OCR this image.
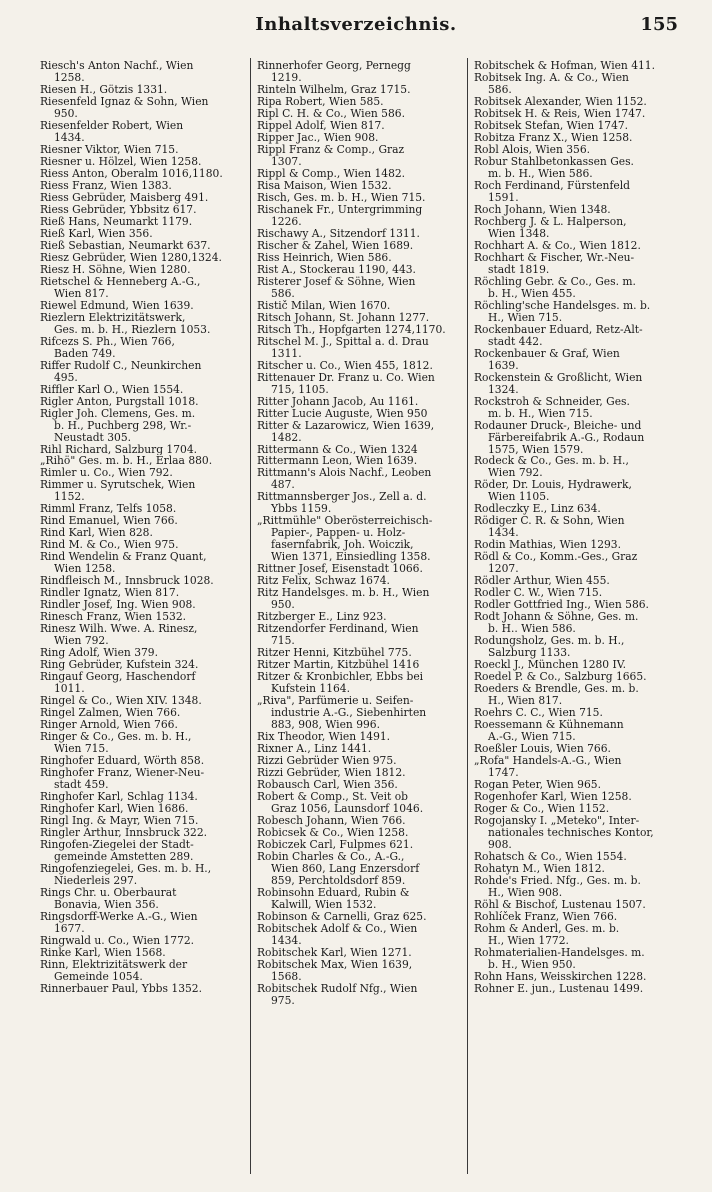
Inhaltsverzeichnis.	155
Riesch's Anton Nachf., Wien
1258.
Riesen H., Götzis 1331.
Riesenfeld Ignaz & Sohn, Wien
950.
Riesenfelder Robert, Wien
1434.
Riesner Viktor, Wien 715.
Riesner u. Hölzel, Wien 1258.
Riess Anton, Oberalm 1016,1180.
Riess Franz, Wien 1383.
Riess Gebrüder, Maisberg 491.
Riess Gebrüder, Ybbsitz 617.
Rieß Hans, Neumarkt 1179.
Rieß Karl, Wien 356.
Rieß Sebastian, Neumarkt 637.
Riesz Gebrüder, Wien 1280,1324.
Riesz H. Söhne, Wien 1280.
Rietschel & Henneberg A.-G.,
Wien 817.
Riewel Edmund, Wien 1639.
Riezlern Elektrizitätswerk,
Ges. m. b. H., Riezlern 1053.
Rifcezs S. Ph., Wien 766,
Baden 749.
Riffer Rudolf C., Neunkirchen
495.
Riffler Karl O., Wien 1554.
Rigler Anton, Purgstall 1018.
Rigler Joh. Clemens, Ges. m.
b. H., Puchberg 298, Wr.-
Neustadt 305.
Rihl Richard, Salzburg 1704.
„Rihö" Ges. m. b. H., Erlaa 880.
Rimler u. Co., Wien 792.
Rimmer u. Syrutschek, Wien
1152.
Rimml Franz, Telfs 1058.
Rind Emanuel, Wien 766.
Rind Karl, Wien 828.
Rind M. & Co., Wien 975.
Rind Wendelin & Franz Quant,
Wien 1258.
Rindfleisch M., Innsbruck 1028.
Rindler Ignatz, Wien 817.
Rindler Josef, Ing. Wien 908.
Rinesch Franz, Wien 1532.
Rinesz Wilh. Wwe. A. Rinesz,
Wien 792.
Ring Adolf, Wien 379.
Ring Gebrüder, Kufstein 324.
Ringauf Georg, Haschendorf
1011.
Ringel & Co., Wien XIV. 1348.
Ringel Zalmen, Wien 766.
Ringer Arnold, Wien 766.
Ringer & Co., Ges. m. b. H.,
Wien 715.
Ringhofer Eduard, Wörth 858.
Ringhofer Franz, Wiener-Neu-
stadt 459.
Ringhofer Karl, Schlag 1134.
Ringhofer Karl, Wien 1686.
Ringl Ing. & Mayr, Wien 715.
Ringler Arthur, Innsbruck 322.
Ringofen-Ziegelei der Stadt-
gemeinde Amstetten 289.
Ringofenziegelei, Ges. m. b. H.,
Niederleis 297.
Rings Chr. u. Oberbaurat
Bonavia, Wien 356.
Ringsdorff-Werke A.-G., Wien
1677.
Ringwald u. Co., Wien 1772.
Rinke Karl, Wien 1568.
Rinn, Elektrizitätswerk der
Gemeinde 1054.
Rinnerbauer Paul, Ybbs 1352.
Rinnerhofer Georg, Pernegg
1219.
Rinteln Wilhelm, Graz 1715.
Ripa Robert, Wien 585.
Ripl C. H. & Co., Wien 586.
Rippel Adolf, Wien 817.
Ripper Jac., Wien 908.
Rippl Franz & Comp., Graz
1307.
Rippl & Comp., Wien 1482.
Risa Maison, Wien 1532.
Risch, Ges. m. b. H., Wien 715.
Rischanek Fr., Untergrimming
1226.
Rischawy A., Sitzendorf 1311.
Rischer & Zahel, Wien 1689.
Riss Heinrich, Wien 586.
Rist A., Stockerau 1190, 443.
Risterer Josef & Söhne, Wien
586.
Ristič Milan, Wien 1670.
Ritsch Johann, St. Johann 1277.
Ritsch Th., Hopfgarten 1274,1170.
Ritschel M. J., Spittal a. d. Drau
1311.
Ritscher u. Co., Wien 455, 1812.
Rittenauer Dr. Franz u. Co. Wien
715, 1105.
Ritter Johann Jacob, Au 1161.
Ritter Lucie Auguste, Wien 950
Ritter & Lazarowicz, Wien 1639,
1482.
Rittermann & Co., Wien 1324
Rittermann Leon, Wien 1639.
Rittmann's Alois Nachf., Leoben
487.
Rittmannsberger Jos., Zell a. d.
Ybbs 1159.
„Rittmühle" Oberösterreichisch-
Papier-, Pappen- u. Holz-
fasernfabrik, Joh. Woiczik,
Wien 1371, Einsiedling 1358.
Rittner Josef, Eisenstadt 1066.
Ritz Felix, Schwaz 1674.
Ritz Handelsges. m. b. H., Wien
950.
Ritzberger E., Linz 923.
Ritzendorfer Ferdinand, Wien
715.
Ritzer Henni, Kitzbühel 775.
Ritzer Martin, Kitzbühel 1416
Ritzer & Kronbichler, Ebbs bei
Kufstein 1164.
„Riva", Parfümerie u. Seifen-
industrie A.-G., Siebenhirten
883, 908, Wien 996.
Rix Theodor, Wien 1491.
Rixner A., Linz 1441.
Rizzi Gebrüder Wien 975.
Rizzi Gebrüder, Wien 1812.
Robausch Carl, Wien 356.
Robert & Comp., St. Veit ob
Graz 1056, Launsdorf 1046.
Robesch Johann, Wien 766.
Robicsek & Co., Wien 1258.
Robiczek Carl, Fulpmes 621.
Robin Charles & Co., A.-G.,
Wien 860, Lang Enzersdorf
859, Perchtoldsdorf 859.
Robinsohn Eduard, Rubin &
Kalwill, Wien 1532.
Robinson & Carnelli, Graz 625.
Robitschek Adolf & Co., Wien
1434.
Robitschek Karl, Wien 1271.
Robitschek Max, Wien 1639,
1568.
Robitschek Rudolf Nfg., Wien
975.
Robitschek & Hofman, Wien 411.
Robitsek Ing. A. & Co., Wien
586.
Robitsek Alexander, Wien 1152.
Robitsek H. & Reis, Wien 1747.
Robitsek Stefan, Wien 1747.
Robitza Franz X., Wien 1258.
Robl Alois, Wien 356.
Robur Stahlbetonkassen Ges.
m. b. H., Wien 586.
Roch Ferdinand, Fürstenfeld
1591.
Roch Johann, Wien 1348.
Rochberg J. & L. Halperson,
Wien 1348.
Rochhart A. & Co., Wien 1812.
Rochhart & Fischer, Wr.-Neu-
stadt 1819.
Röchling Gebr. & Co., Ges. m.
b. H., Wien 455.
Röchling'sche Handelsges. m. b.
H., Wien 715.
Rockenbauer Eduard, Retz-Alt-
stadt 442.
Rockenbauer & Graf, Wien
1639.
Rockenstein & Großlicht, Wien
1324.
Rockstroh & Schneider, Ges.
m. b. H., Wien 715.
Rodauner Druck-, Bleiche- und
Färbereifabrik A.-G., Rodaun
1575, Wien 1579.
Rodeck & Co., Ges. m. b. H.,
Wien 792.
Röder, Dr. Louis, Hydrawerk,
Wien 1105.
Rodleczky E., Linz 634.
Rödiger C. R. & Sohn, Wien
1434.
Rodin Mathias, Wien 1293.
Rödl & Co., Komm.-Ges., Graz
1207.
Rödler Arthur, Wien 455.
Rodler C. W., Wien 715.
Rodler Gottfried Ing., Wien 586.
Rodt Johann & Söhne, Ges. m.
b. H.. Wien 586.
Rodungsholz, Ges. m. b. H.,
Salzburg 1133.
Roeckl J., München 1280 IV.
Roedel P. & Co., Salzburg 1665.
Roeders & Brendle, Ges. m. b.
H., Wien 817.
Roehrs C. C., Wien 715.
Roessemann & Kühnemann
A.-G., Wien 715.
Roeßler Louis, Wien 766.
„Rofa" Handels-A.-G., Wien
1747.
Rogan Peter, Wien 965.
Rogenhofer Karl, Wien 1258.
Roger & Co., Wien 1152.
Rogojansky I. „Meteko", Inter-
nationales technisches Kontor,
908.
Rohatsch & Co., Wien 1554.
Rohatyn M., Wien 1812.
Rohde's Fried. Nfg., Ges. m. b.
H., Wien 908.
Röhl & Bischof, Lustenau 1507.
Rohlíček Franz, Wien 766.
Rohm & Anderl, Ges. m. b.
H., Wien 1772.
Rohmaterialien-Handelsges. m.
b. H., Wien 950.
Rohn Hans, Weisskirchen 1228.
Rohner E. jun., Lustenau 1499.
